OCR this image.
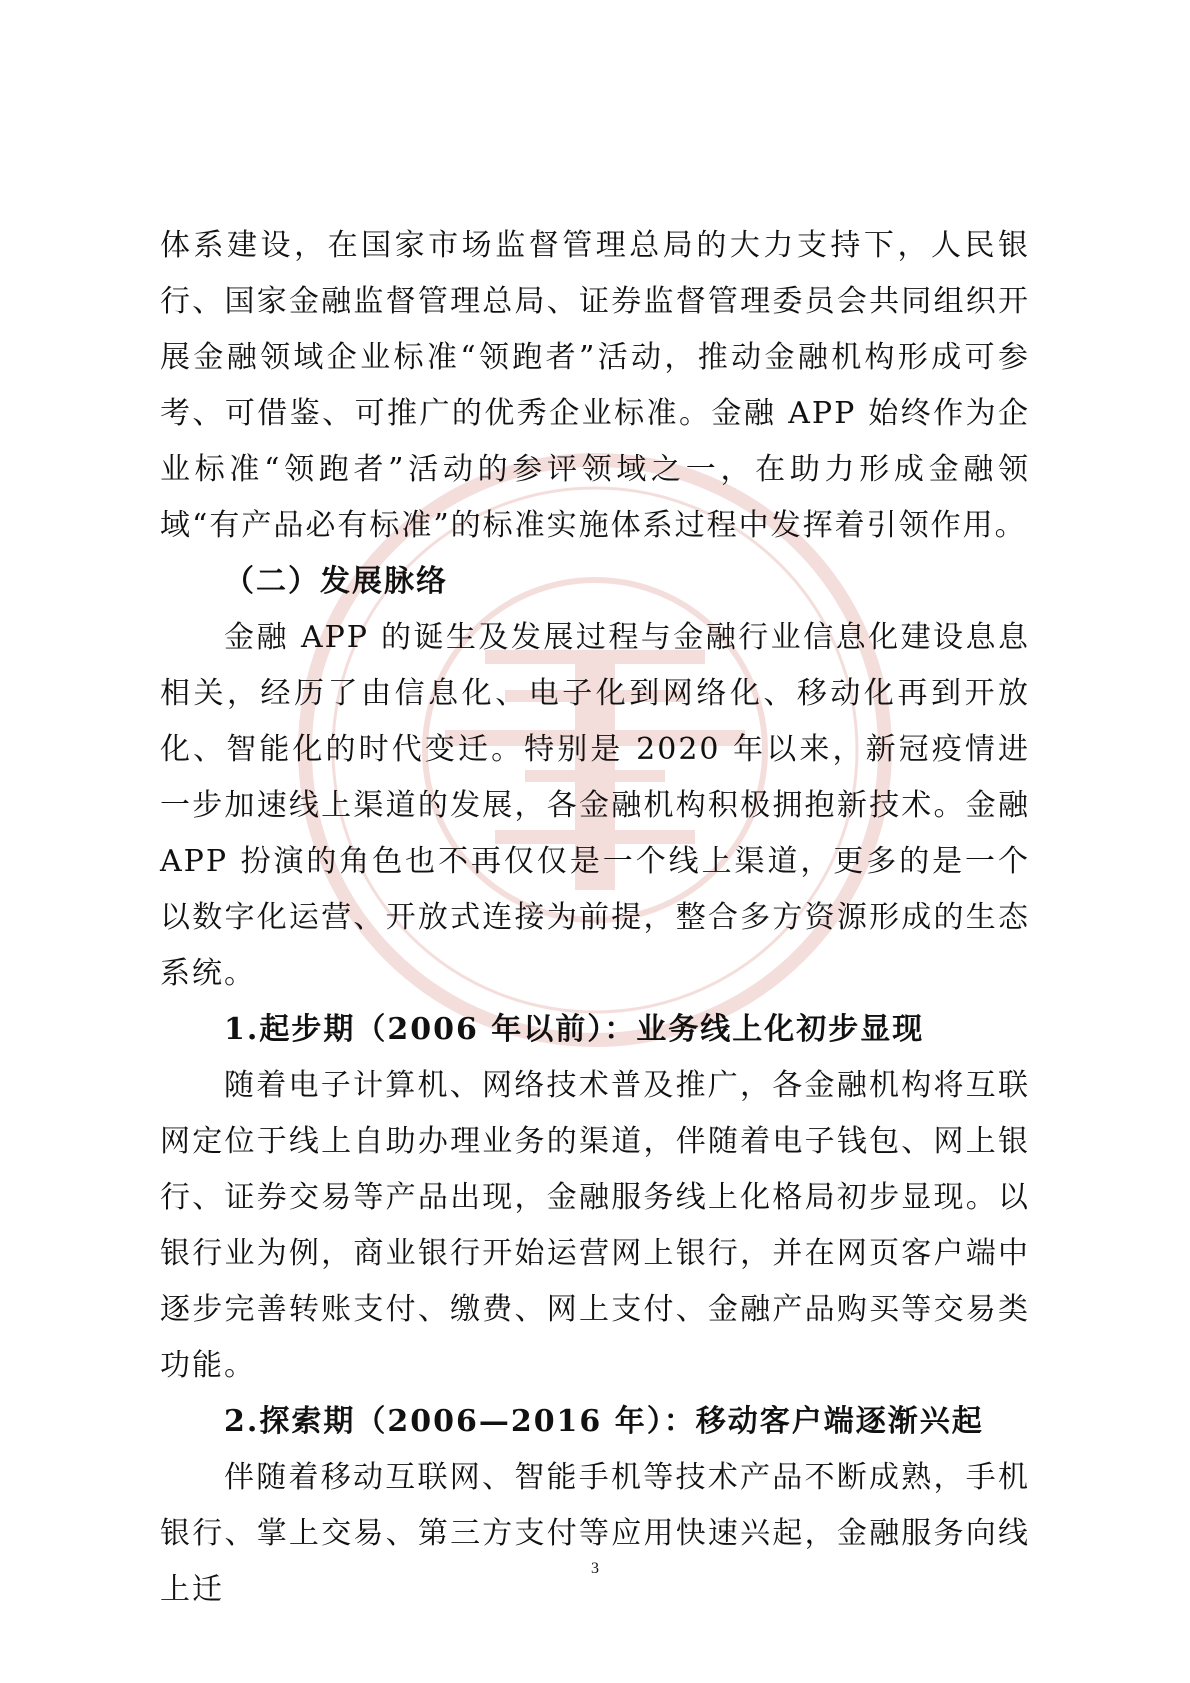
体系建设，在国家市场监督管理总局的大力支持下，人民银行、国家金融监督管理总局、证券监督管理委员会共同组织开展金融领域企业标准“领跑者”活动，推动金融机构形成可参考、可借鉴、可推广的优秀企业标准。金融 APP 始终作为企业标准“领跑者”活动的参评领域之一，在助力形成金融领域“有产品必有标准”的标准实施体系过程中发挥着引领作用。

（二）发展脉络

金融 APP 的诞生及发展过程与金融行业信息化建设息息相关，经历了由信息化、电子化到网络化、移动化再到开放化、智能化的时代变迁。特别是 2020 年以来，新冠疫情进一步加速线上渠道的发展，各金融机构积极拥抱新技术。金融 APP 扮演的角色也不再仅仅是一个线上渠道，更多的是一个以数字化运营、开放式连接为前提，整合多方资源形成的生态系统。

1.起步期（2006 年以前）：业务线上化初步显现

随着电子计算机、网络技术普及推广，各金融机构将互联网定位于线上自助办理业务的渠道，伴随着电子钱包、网上银行、证券交易等产品出现，金融服务线上化格局初步显现。以银行业为例，商业银行开始运营网上银行，并在网页客户端中逐步完善转账支付、缴费、网上支付、金融产品购买等交易类功能。

2.探索期（2006—2016 年）：移动客户端逐渐兴起

伴随着移动互联网、智能手机等技术产品不断成熟，手机银行、掌上交易、第三方支付等应用快速兴起，金融服务向线上迁

3
